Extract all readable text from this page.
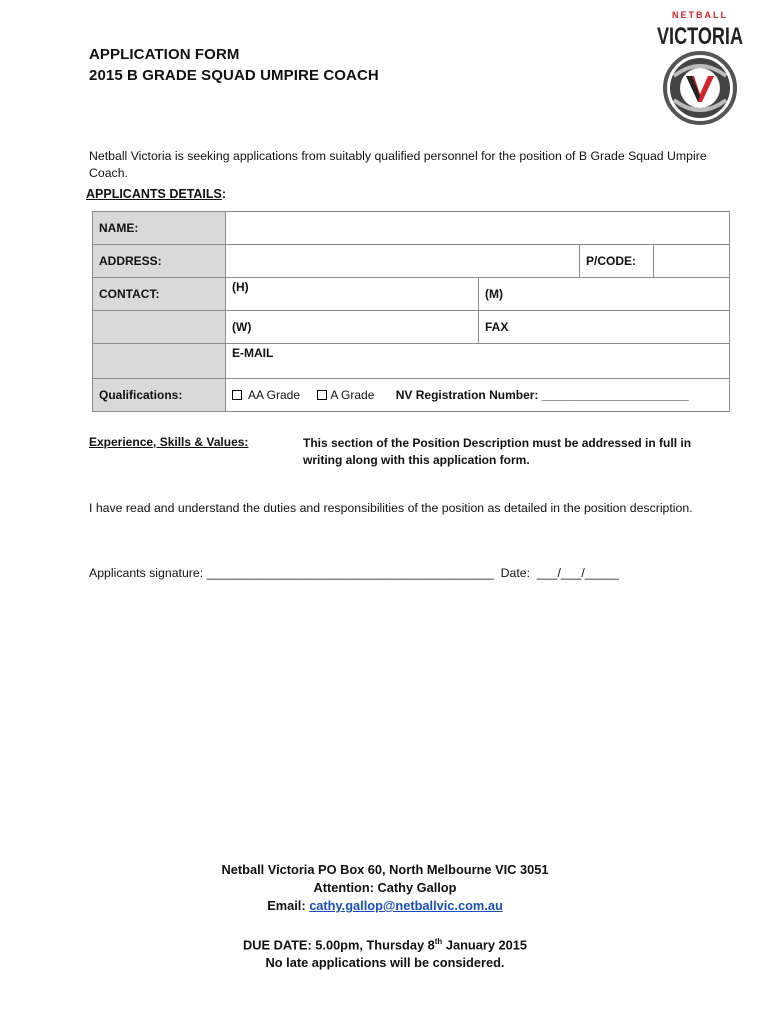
APPLICATION FORM
2015 B GRADE SQUAD UMPIRE COACH
NETBALL
VICTORIA
Netball Victoria is seeking applications from suitably qualified personnel for the position of B Grade Squad Umpire Coach.
APPLICANTS DETAILS:
NAME:	
ADDRESS:	P/CODE:

CONTACT:	(H) (M)

	(W) FAX

	E-MAIL
Qualifications:	AA Grade A Grade NV Registration Number: ______________________
Experience, Skills & Values:	This section of the Position Description must be addressed in full in writing along with this application form.
I have read and understand the duties and responsibilities of the position as detailed in the position description.
Applicants signature: __________________________________________ Date: ___/___/_____
Netball Victoria PO Box 60, North Melbourne VIC 3051
Attention: Cathy Gallop
Email: cathy.gallop@netballvic.com.au
DUE DATE: 5.00pm, Thursday 8th January 2015
No late applications will be considered.
